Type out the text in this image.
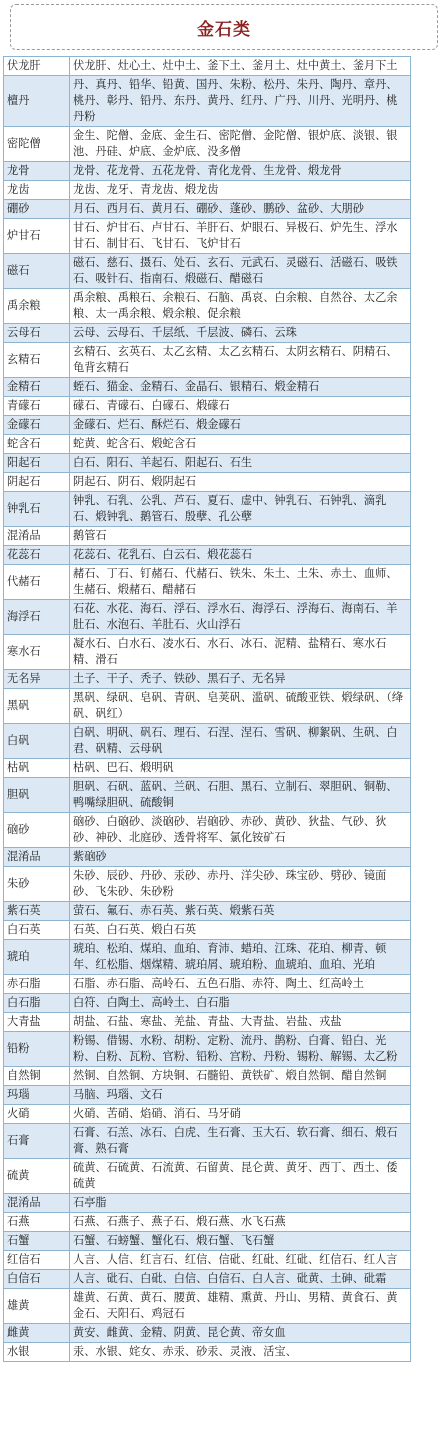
金石类
伏龙肝	伏龙肝、灶心土、灶中土、釜下土、釜月土、灶中黄土、釜月下土
檀丹	丹、真丹、铅华、铅黄、国丹、朱粉、松丹、朱丹、陶丹、章丹、桃丹、彰丹、铅丹、东丹、黄丹、红丹、广丹、川丹、光明丹、桃丹粉
密陀僧	金生、陀僧、金底、金生石、密陀僧、金陀僧、银炉底、淡银、银池、丹硅、炉底、金炉底、没多僧
龙骨	龙骨、花龙骨、五花龙骨、青化龙骨、生龙骨、煅龙骨
龙齿	龙齿、龙牙、青龙齿、煅龙齿
硼砂	月石、西月石、黄月石、硼砂、蓬砂、鹏砂、盆砂、大朋砂
炉甘石	甘石、炉甘石、卢甘石、羊肝石、炉眼石、异极石、炉先生、浮水甘石、制甘石、飞甘石、飞炉甘石
磁石	磁石、慈石、摄石、处石、玄石、元武石、灵磁石、活磁石、吸铁石、吸针石、指南石、煅磁石、醋磁石
禹余粮	禹余粮、禹粮石、余粮石、石脑、禹哀、白余粮、自然谷、太乙余粮、太一禹余粮、煅余粮、促余粮
云母石	云母、云母石、千层纸、千层波、磷石、云珠
玄精石	玄精石、玄英石、太乙玄精、太乙玄精石、太阴玄精石、阴精石、龟背玄精石
金精石	蛭石、猫金、金精石、金晶石、银精石、煅金精石
青礞石	礞石、青礞石、白礞石、煅礞石
金礞石	金礞石、烂石、酥烂石、煅金礞石
蛇含石	蛇黄、蛇含石、煅蛇含石
阳起石	白石、阳石、羊起石、阳起石、石生
阴起石	阴起石、阴石、煅阴起石
钟乳石	钟乳、石乳、公乳、芦石、夏石、虚中、钟乳石、石钟乳、滴乳石、煅钟乳、鹅管石、殷孽、孔公孽
混淆品	鹅管石
花蕊石	花蕊石、花乳石、白云石、煅花蕊石
代赭石	赭石、丁石、钉赭石、代赭石、铁朱、朱土、土朱、赤土、血师、生赭石、煅赭石、醋赭石
海浮石	石花、水花、海石、浮石、浮水石、海浮石、浮海石、海南石、羊肚石、水泡石、羊肚石、火山浮石
寒水石	凝水石、白水石、凌水石、水石、冰石、泥精、盐精石、寒水石精、滑石
无名异	土子、干子、秃子、铁砂、黑石子、无名异
黑矾	黑矾、绿矾、皂矾、青矾、皂荚矾、滥矾、硫酸亚铁、煅绿矾、（绛矾、矾红）
白矾	白矾、明矾、矾石、理石、石涅、涅石、雪矾、柳絮矾、生矾、白君、矾精、云母矾
枯矾	枯矾、巴石、煅明矾
胆矾	胆矾、石矾、蓝矾、兰矾、石胆、黑石、立制石、翠胆矾、铜勒、鸭嘴绿胆矾、硫酸铜
硇砂	硇砂、白硇砂、淡硇砂、岩硇砂、赤砂、黄砂、狄盐、气砂、狄砂、神砂、北庭砂、透骨将军、氯化铵矿石
混淆品	紫硇砂
朱砂	朱砂、辰砂、丹砂、汞砂、赤丹、洋尖砂、珠宝砂、劈砂、镜面砂、飞朱砂、朱砂粉
紫石英	萤石、氟石、赤石英、紫石英、煅紫石英
白石英	石英、白石英、煅白石英
琥珀	琥珀、松珀、煤珀、血珀、育沛、蜡珀、江珠、花珀、柳青、顿年、红松脂、烟煤精、琥珀屑、琥珀粉、血琥珀、血珀、光珀
赤石脂	石脂、赤石脂、高岭石、五色石脂、赤符、陶土、红高岭土
白石脂	白符、白陶土、高岭土、白石脂
大青盐	胡盐、石盐、寒盐、羌盐、青盐、大青盐、岩盐、戎盐
铅粉	粉锡、借锡、水粉、胡粉、定粉、流丹、鹊粉、白膏、铅白、光粉、白粉、瓦粉、官粉、铅粉、宫粉、丹粉、锡粉、解锡、太乙粉
自然铜	然铜、自然铜、方块铜、石髓铅、黄铁矿、煅自然铜、醋自然铜
玛瑙	马脑、玛瑙、文石
火硝	火硝、苦硝、焰硝、消石、马牙硝
石膏	石膏、石羔、冰石、白虎、生石膏、玉大石、软石膏、细石、煅石膏、熟石膏
硫黄	硫黄、石硫黄、石流黄、石留黄、昆仑黄、黄牙、西丁、西土、倭硫黄
混淆品	石亭脂
石燕	石燕、石燕子、燕子石、煅石燕、水飞石燕
石蟹	石蟹、石螃蟹、蟹化石、煅石蟹、飞石蟹
红信石	人言、人信、红言石、红信、信砒、红砒、红砒、红信石、红人言
白信石	人言、砒石、白砒、白信、白信石、白人言、砒黄、土砷、砒霜
雄黄	雄黄、石黄、黄石、腰黄、雄精、熏黄、丹山、男精、黄食石、黄金石、天阳石、鸡冠石
雌黄	黄安、雌黄、金精、阴黄、昆仑黄、帝女血
水银	汞、水银、姹女、赤汞、砂汞、灵液、活宝、
